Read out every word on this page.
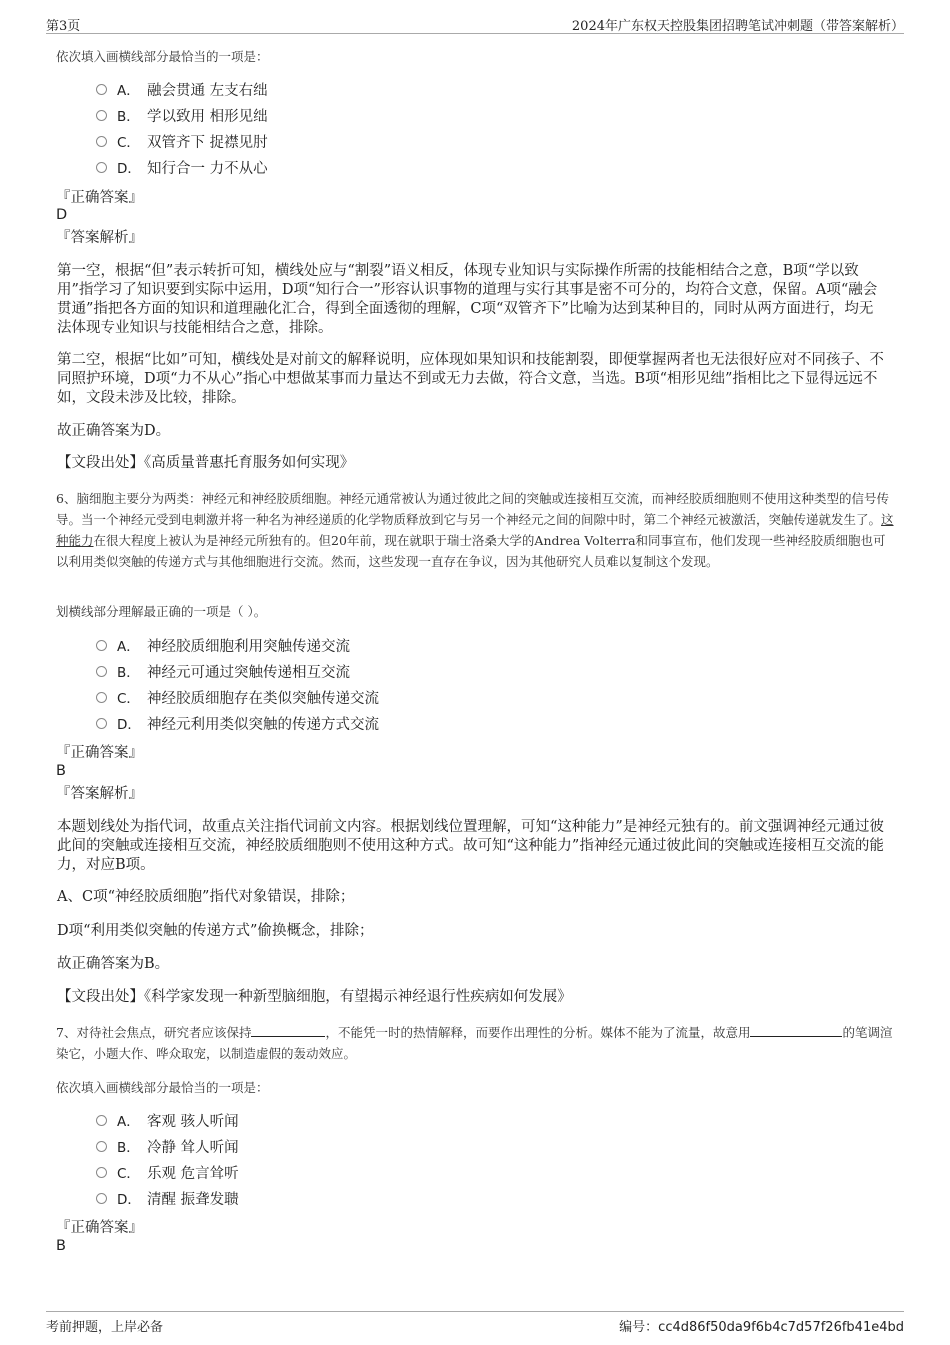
第3页	2024年广东权天控股集团招聘笔试冲刺题（带答案解析）
依次填入画横线部分最恰当的一项是：
A． 融会贯通 左支右绌
B． 学以致用 相形见绌
C． 双管齐下 捉襟见肘
D． 知行合一 力不从心
『正确答案』
D
『答案解析』
第一空，根据“但”表示转折可知，横线处应与“割裂”语义相反，体现专业知识与实际操作所需的技能相结合之意，B项“学以致用”指学习了知识要到实际中运用，D项“知行合一”形容认识事物的道理与实行其事是密不可分的，均符合文意，保留。A项“融会贯通”指把各方面的知识和道理融化汇合，得到全面透彻的理解，C项“双管齐下”比喻为达到某种目的，同时从两方面进行，均无法体现专业知识与技能相结合之意，排除。
第二空，根据“比如”可知，横线处是对前文的解释说明，应体现如果知识和技能割裂，即便掌握两者也无法很好应对不同孩子、不同照护环境，D项“力不从心”指心中想做某事而力量达不到或无力去做，符合文意，当选。B项“相形见绌”指相比之下显得远远不如，文段未涉及比较，排除。
故正确答案为D。
【文段出处】《高质量普惠托育服务如何实现》
6、脑细胞主要分为两类：神经元和神经胶质细胞。神经元通常被认为通过彼此之间的突触或连接相互交流，而神经胶质细胞则不使用这种类型的信号传导。当一个神经元受到电刺激并将一种名为神经递质的化学物质释放到它与另一个神经元之间的间隙中时，第二个神经元被激活，突触传递就发生了。这种能力在很大程度上被认为是神经元所独有的。但20年前，现在就职于瑞士洛桑大学的Andrea Volterra和同事宣布，他们发现一些神经胶质细胞也可以利用类似突触的传递方式与其他细胞进行交流。然而，这些发现一直存在争议，因为其他研究人员难以复制这个发现。
划横线部分理解最正确的一项是（ ）。
A． 神经胶质细胞利用突触传递交流
B． 神经元可通过突触传递相互交流
C． 神经胶质细胞存在类似突触传递交流
D． 神经元利用类似突触的传递方式交流
『正确答案』
B
『答案解析』
本题划线处为指代词，故重点关注指代词前文内容。根据划线位置理解，可知“这种能力”是神经元独有的。前文强调神经元通过彼此间的突触或连接相互交流，神经胶质细胞则不使用这种方式。故可知“这种能力”指神经元通过彼此间的突触或连接相互交流的能力，对应B项。
A、C项“神经胶质细胞”指代对象错误，排除；
D项“利用类似突触的传递方式”偷换概念，排除；
故正确答案为B。
【文段出处】《科学家发现一种新型脑细胞，有望揭示神经退行性疾病如何发展》
7、对待社会焦点，研究者应该保持	，不能凭一时的热情解释，而要作出理性的分析。媒体不能为了流量，故意用	的笔调渲染它，小题大作、哗众取宠，以制造虚假的轰动效应。
依次填入画横线部分最恰当的一项是：
A． 客观 骇人听闻
B． 冷静 耸人听闻
C． 乐观 危言耸听
D． 清醒 振聋发聩
『正确答案』
B
考前押题，上岸必备	编号：cc4d86f50da9f6b4c7d57f26fb41e4bd
